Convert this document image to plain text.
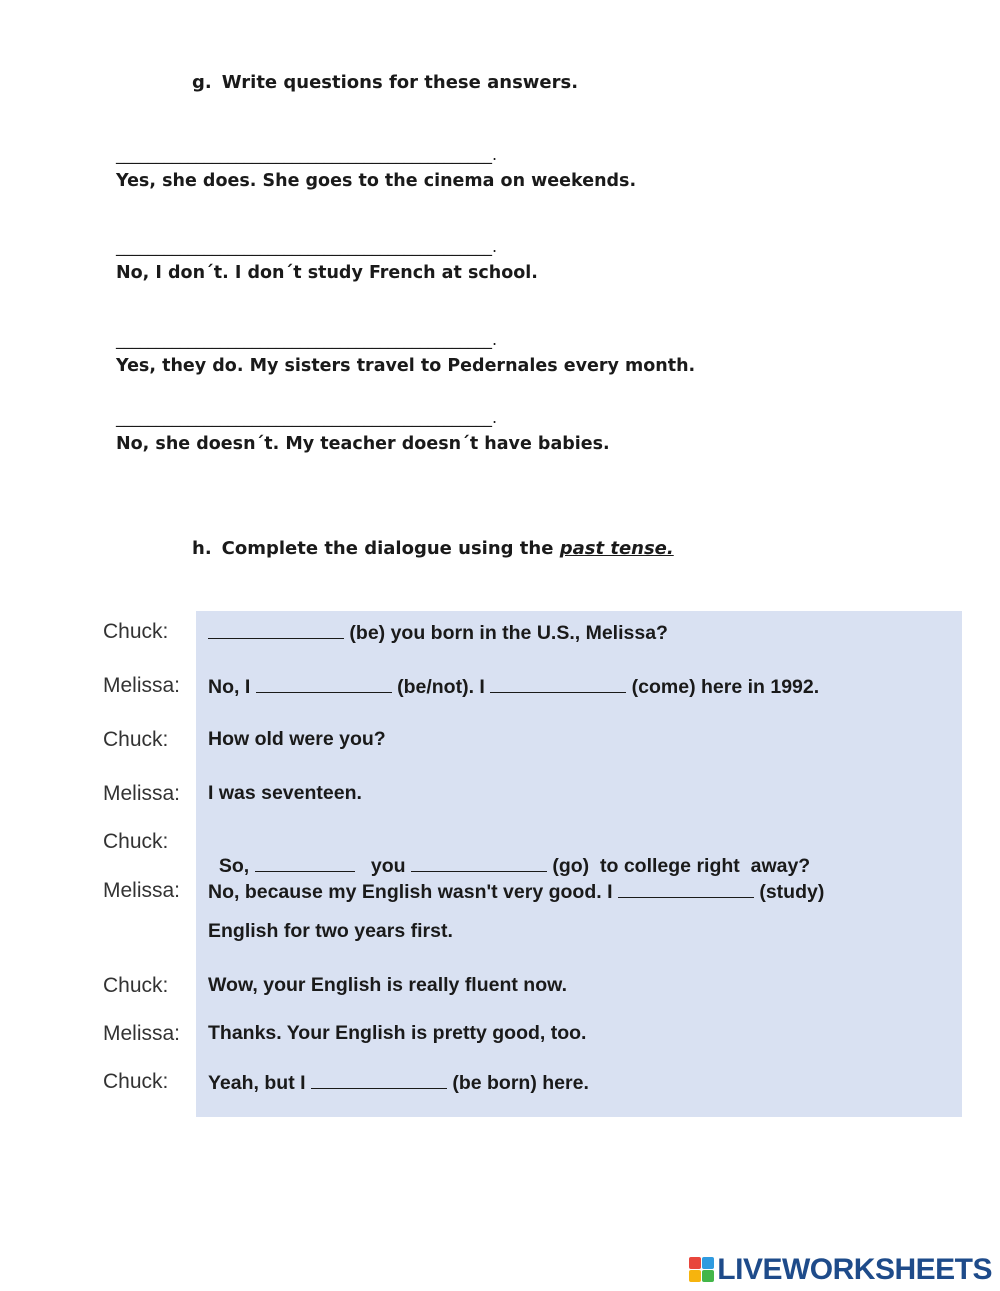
g. Write questions for these answers.
_______________________________________________.
Yes, she does. She goes to the cinema on weekends.
_______________________________________________.
No, I don´t. I don´t study French at school.
_______________________________________________.
Yes, they do. My sisters travel to Pedernales every month.
_______________________________________________.
No, she doesn´t. My teacher doesn´t have babies.
h. Complete the dialogue using the past tense.
Chuck:	(be) you born in the U.S., Melissa?
Melissa: No, I	(be/not). I	(come) here in 1992.
Chuck: How old were you?
Melissa: I was seventeen.
Chuck:

So,	you	(go)  to college right  away?

Melissa: No, because my English wasn't very good. I	(study)
English for two years first.
Chuck: Wow, your English is really fluent now.
Melissa: Thanks. Your English is pretty good, too.
Chuck: Yeah, but I	(be born) here.
LIVEWORKSHEETS
